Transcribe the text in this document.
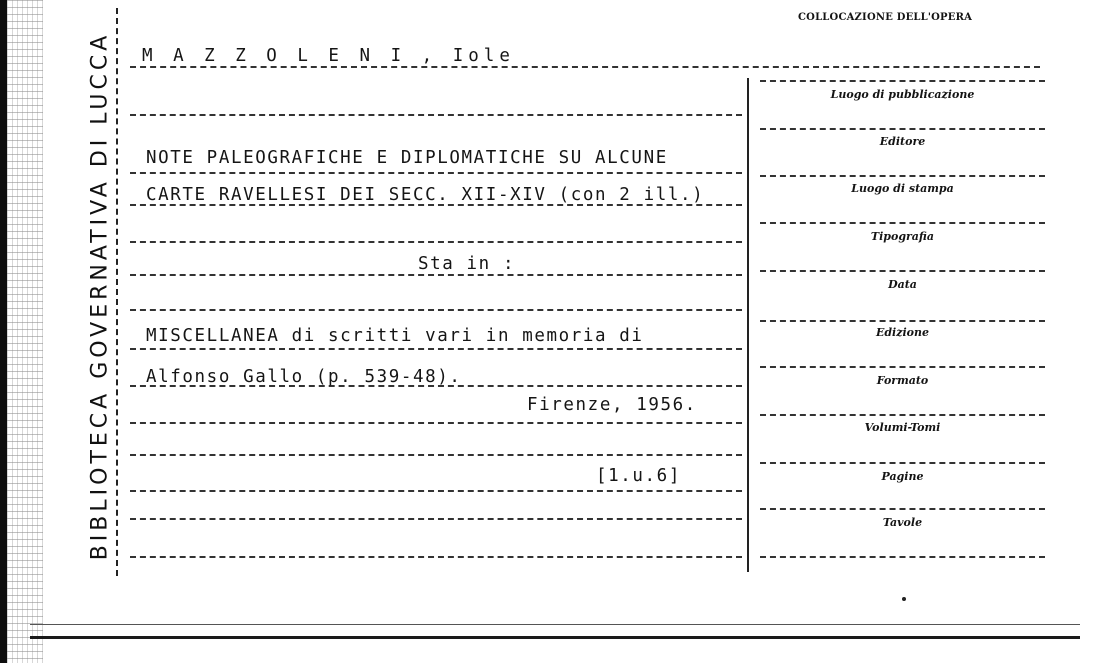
BIBLIOTECA GOVERNATIVA DI LUCCA M A Z Z O L E N I , Iole
NOTE PALEOGRAFICHE E DIPLOMATICHE SU ALCUNE
CARTE RAVELLESI DEI SECC. XII-XIV (con 2 ill.)
Sta in :
MISCELLANEA di scritti vari in memoria di
Alfonso Gallo (p. 539-48).
Firenze, 1956.
[1.u.6]
COLLOCAZIONE DELL'OPERA
Luogo di pubblicazione
Editore
Luogo di stampa
Tipografia
Data
Edizione
Formato
Volumi-Tomi
Pagine
Tavole
